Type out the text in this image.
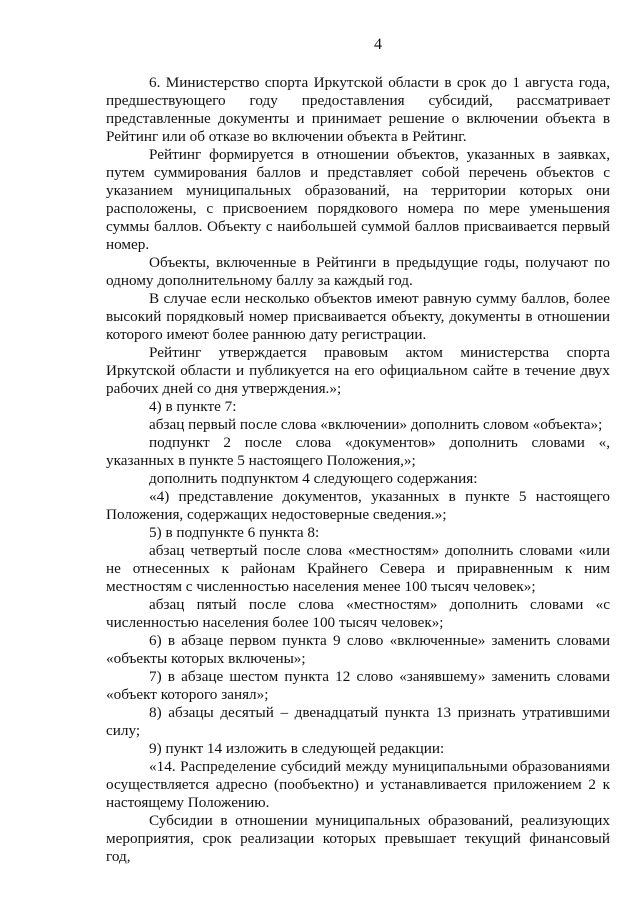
4

6. Министерство спорта Иркутской области в срок до 1 августа года, предшествующего году предоставления субсидий, рассматривает представленные документы и принимает решение о включении объекта в Рейтинг или об отказе во включении объекта в Рейтинг.

Рейтинг формируется в отношении объектов, указанных в заявках, путем суммирования баллов и представляет собой перечень объектов с указанием муниципальных образований, на территории которых они расположены, с присвоением порядкового номера по мере уменьшения суммы баллов. Объекту с наибольшей суммой баллов присваивается первый номер.

Объекты, включенные в Рейтинги в предыдущие годы, получают по одному дополнительному баллу за каждый год.

В случае если несколько объектов имеют равную сумму баллов, более высокий порядковый номер присваивается объекту, документы в отношении которого имеют более раннюю дату регистрации.

Рейтинг утверждается правовым актом министерства спорта Иркутской области и публикуется на его официальном сайте в течение двух рабочих дней со дня утверждения.»;

4) в пункте 7:

абзац первый после слова «включении» дополнить словом «объекта»;

подпункт 2 после слова «документов» дополнить словами «, указанных в пункте 5 настоящего Положения,»;

дополнить подпунктом 4 следующего содержания:

«4) представление документов, указанных в пункте 5 настоящего Положения, содержащих недостоверные сведения.»;

5) в подпункте 6 пункта 8:

абзац четвертый после слова «местностям» дополнить словами «или не отнесенных к районам Крайнего Севера и приравненным к ним местностям с численностью населения менее 100 тысяч человек»;

абзац пятый после слова «местностям» дополнить словами «с численностью населения более 100 тысяч человек»;

6) в абзаце первом пункта 9 слово «включенные» заменить словами «объекты которых включены»;

7) в абзаце шестом пункта 12 слово «занявшему» заменить словами «объект которого занял»;

8) абзацы десятый – двенадцатый пункта 13 признать утратившими силу;

9) пункт 14 изложить в следующей редакции:

«14. Распределение субсидий между муниципальными образованиями осуществляется адресно (пообъектно) и устанавливается приложением 2 к настоящему Положению.

Субсидии в отношении муниципальных образований, реализующих мероприятия, срок реализации которых превышает текущий финансовый год,
